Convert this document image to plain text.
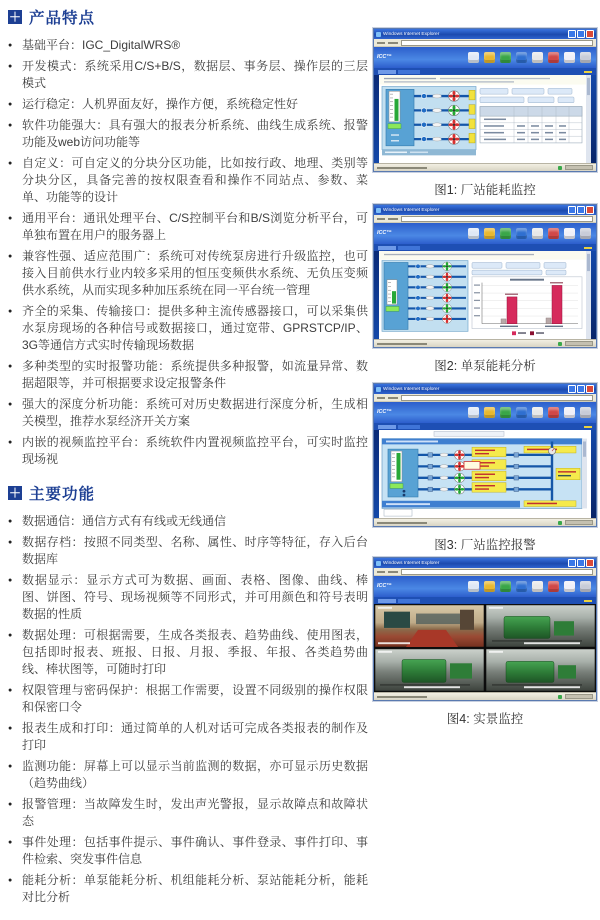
＋ 产品特点
● 基础平台：IGC_DigitalWRS®
● 开发模式：系统采用C/S+B/S，数据层、事务层、操作层的三层模式
● 运行稳定：人机界面友好，操作方便，系统稳定性好
● 软件功能强大：具有强大的报表分析系统、曲线生成系统、报警功能及web访问功能等
● 自定义：可自定义的分块分区功能，比如按行政、地理、类别等分块分区，具备完善的按权限查看和操作不同站点、参数、菜单、功能等的设计
● 通用平台：通讯处理平台、C/S控制平台和B/S浏览分析平台，可单独布置在用户的服务器上
● 兼容性强、适应范围广：系统可对传统泵房进行升级监控，也可接入目前供水行业内较多采用的恒压变频供水系统、无负压变频供水系统，从而实现多种加压系统在同一平台统一管理
● 齐全的采集、传输接口：提供多种主流传感器接口，可以采集供水泵房现场的各种信号或数据接口，通过宽带、GPRSTCP/IP、3G等通信方式实时传输现场数据
● 多种类型的实时报警功能：系统提供多种报警，如流量异常、数据超限等，并可根据要求设定报警条件
● 强大的深度分析功能：系统可对历史数据进行深度分析，生成相关模型，推荐水泵经济开关方案
● 内嵌的视频监控平台：系统软件内置视频监控平台，可实时监控现场视
＋ 主要功能
● 数据通信：通信方式有有线或无线通信
● 数据存档：按照不同类型、名称、属性、时序等特征，存入后台数据库
● 数据显示：显示方式可为数据、画面、表格、图像、曲线、棒图、饼图、符号、现场视频等不同形式，并可用颜色和符号表明数据的性质
● 数据处理：可根据需要，生成各类报表、趋势曲线、使用图表，包括即时报表、班报、日报、月报、季报、年报、各类趋势曲线、棒状图等，可随时打印
● 权限管理与密码保护：根据工作需要，设置不同级别的操作权限和保密口令
● 报表生成和打印：通过简单的人机对话可完成各类报表的制作及打印
● 监测功能：屏幕上可以显示当前监测的数据，亦可显示历史数据（趋势曲线）
● 报警管理：当故障发生时，发出声光警报，显示故障点和故障状态
● 事件处理：包括事件提示、事件确认、事件登录、事件打印、事件检索、突发事件信息
● 能耗分析：单泵能耗分析、机组能耗分析、泵站能耗分析，能耗对比分析
Windows Internet Explorer
ICC™
图1: 厂站能耗监控
Windows Internet Explorer
ICC™
图2: 单泵能耗分析
Windows Internet Explorer
ICC™
图3: 厂站监控报警
Windows Internet Explorer
ICC™
图4: 实景监控
